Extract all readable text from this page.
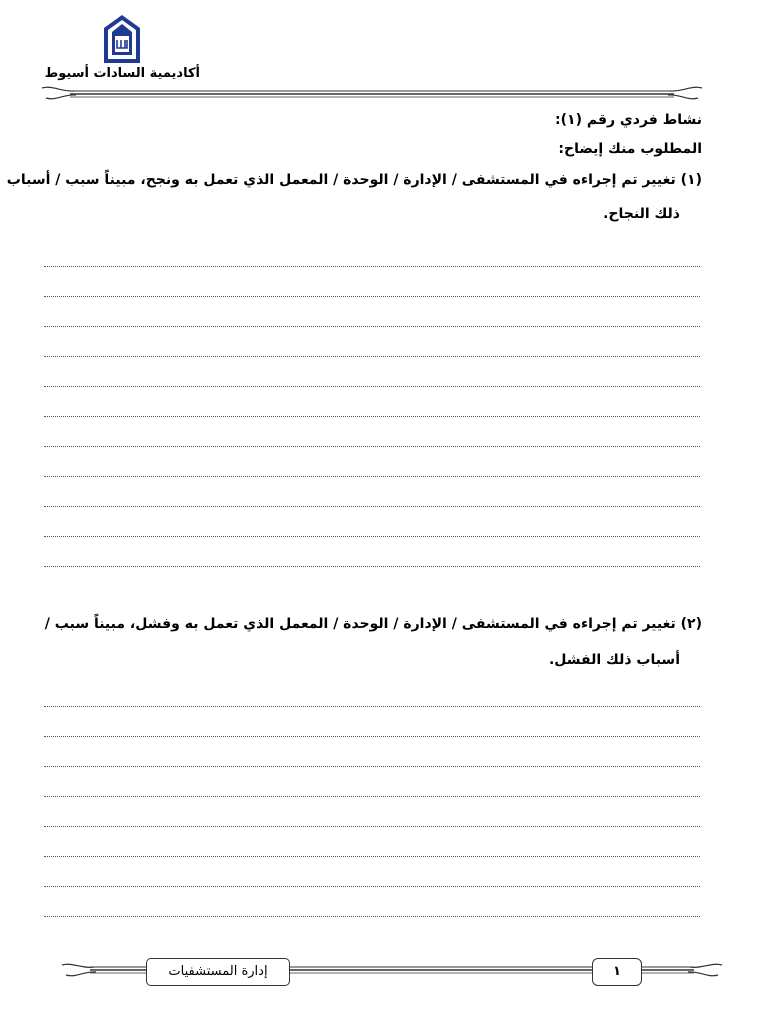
أكاديمية السادات أسيوط
نشاط فردي رقم (١):
المطلوب منك إيضاح:
(١) تغيير تم إجراءه في المستشفى / الإدارة / الوحدة / المعمل الذي تعمل به ونجح، مبيناً سبب / أسباب
ذلك النجاح.
(٢) تغيير تم إجراءه في المستشفى / الإدارة / الوحدة / المعمل الذي تعمل به وفشل، مبيناً سبب /
أسباب ذلك الفشل.
إدارة المستشفيات	١
